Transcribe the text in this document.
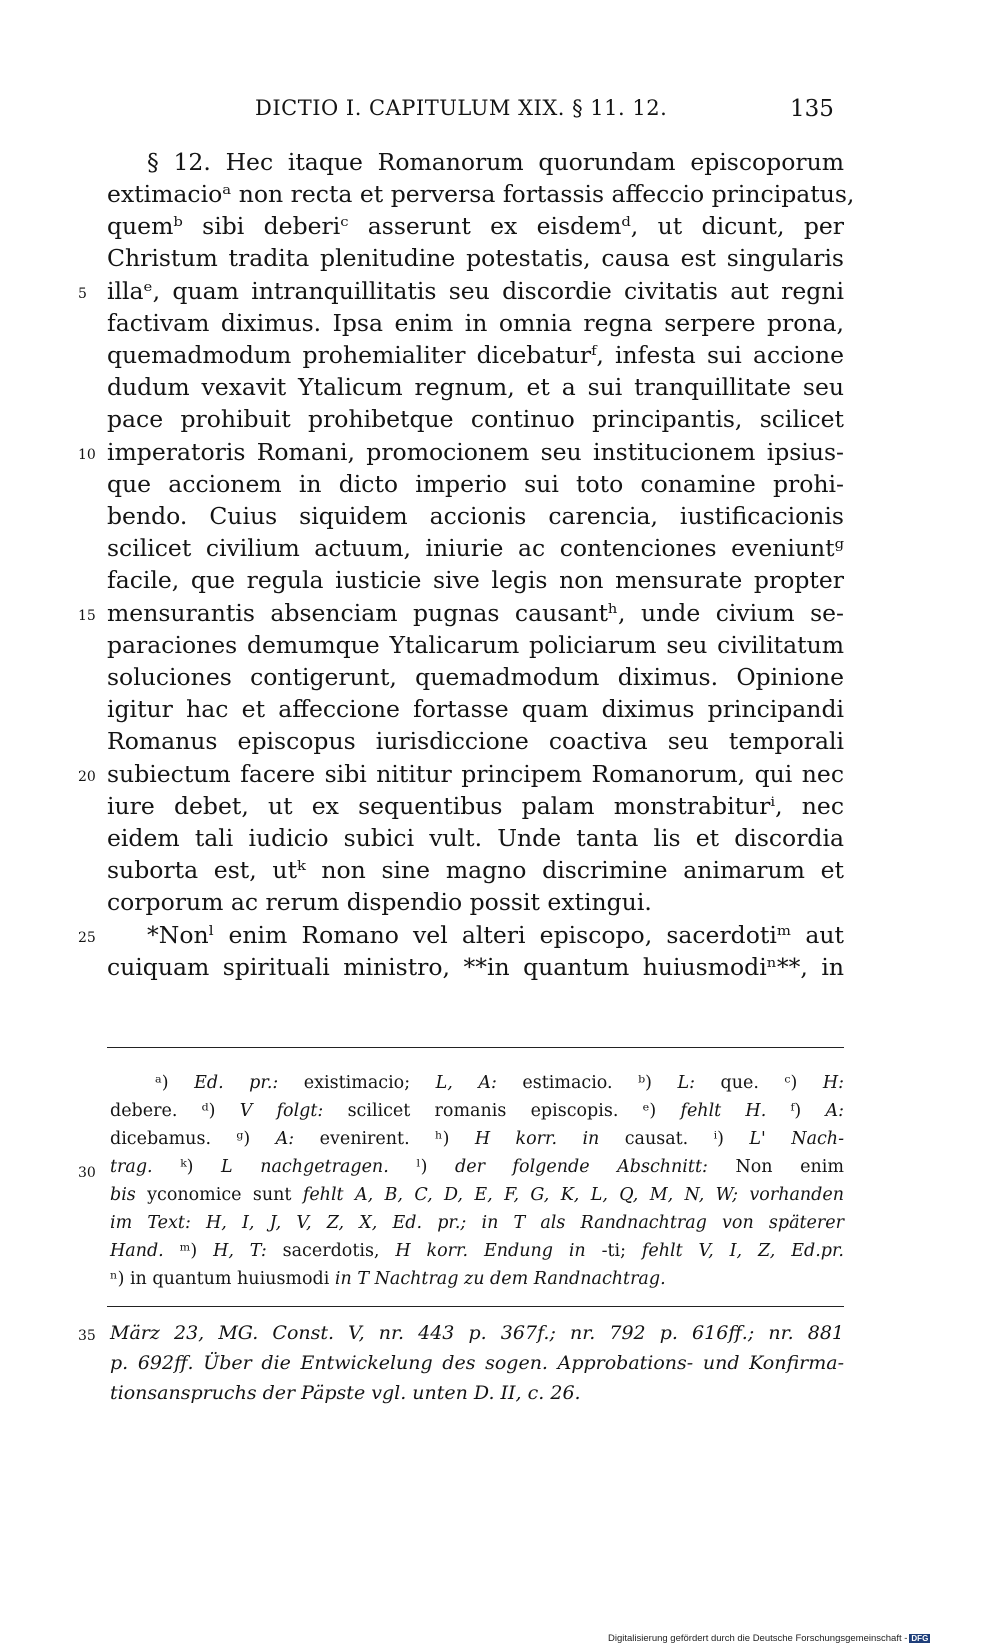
DICTIO I. CAPITULUM XIX. § 11. 12.	135
§ 12. Hec itaque Romanorum quorundam episcoporum
extimacioᵃ non recta et perversa fortassis affeccio principatus,
quemᵇ sibi deberiᶜ asserunt ex eisdemᵈ, ut dicunt, per
Christum tradita plenitudine potestatis, causa est singularis
illaᵉ, quam intranquillitatis seu discordie civitatis aut regni
factivam diximus. Ipsa enim in omnia regna serpere prona,
quemadmodum prohemialiter dicebaturᶠ, infesta sui accione
dudum vexavit Ytalicum regnum, et a sui tranquillitate seu
pace prohibuit prohibetque continuo principantis, scilicet
imperatoris Romani, promocionem seu institucionem ipsius-
que accionem in dicto imperio sui toto conamine prohi-
bendo. Cuius siquidem accionis carencia, iustificacionis
scilicet civilium actuum, iniurie ac contenciones eveniuntᵍ
facile, que regula iusticie sive legis non mensurate propter
mensurantis absenciam pugnas causantʰ, unde civium se-
paraciones demumque Ytalicarum policiarum seu civilitatum
soluciones contigerunt, quemadmodum diximus. Opinione
igitur hac et affeccione fortasse quam diximus principandi
Romanus episcopus iurisdiccione coactiva seu temporali
subiectum facere sibi nititur principem Romanorum, qui nec
iure debet, ut ex sequentibus palam monstrabiturⁱ, nec
eidem tali iudicio subici vult. Unde tanta lis et discordia
suborta est, utᵏ non sine magno discrimine animarum et
corporum ac rerum dispendio possit extingui.
*Nonˡ enim Romano vel alteri episcopo, sacerdotiᵐ aut
cuiquam spirituali ministro, **in quantum huiusmodiⁿ**, in
5
10
15
20
25
30
35
ᵃ) Ed. pr.: existimacio; L, A: estimacio. ᵇ) L: que. ᶜ) H:
debere. ᵈ) V folgt: scilicet romanis episcopis. ᵉ) fehlt H. ᶠ) A:
dicebamus. ᵍ) A: evenirent. ʰ) H korr. in causat. ⁱ) L' Nach-
trag. ᵏ) L nachgetragen. ˡ) der folgende Abschnitt: Non enim
bis yconomice sunt fehlt A, B, C, D, E, F, G, K, L, Q, M, N, W; vorhanden
im Text: H, I, J, V, Z, X, Ed. pr.; in T als Randnachtrag von späterer
Hand. ᵐ) H, T: sacerdotis, H korr. Endung in -ti; fehlt V, I, Z, Ed.pr.
ⁿ) in quantum huiusmodi in T Nachtrag zu dem Randnachtrag.
März 23, MG. Const. V, nr. 443 p. 367f.; nr. 792 p. 616ff.; nr. 881
p. 692ff. Über die Entwickelung des sogen. Approbations- und Konfirma-
tionsanspruchs der Päpste vgl. unten D. II, c. 26.
Digitalisierung gefördert durch die Deutsche Forschungsgemeinschaft - DFG
